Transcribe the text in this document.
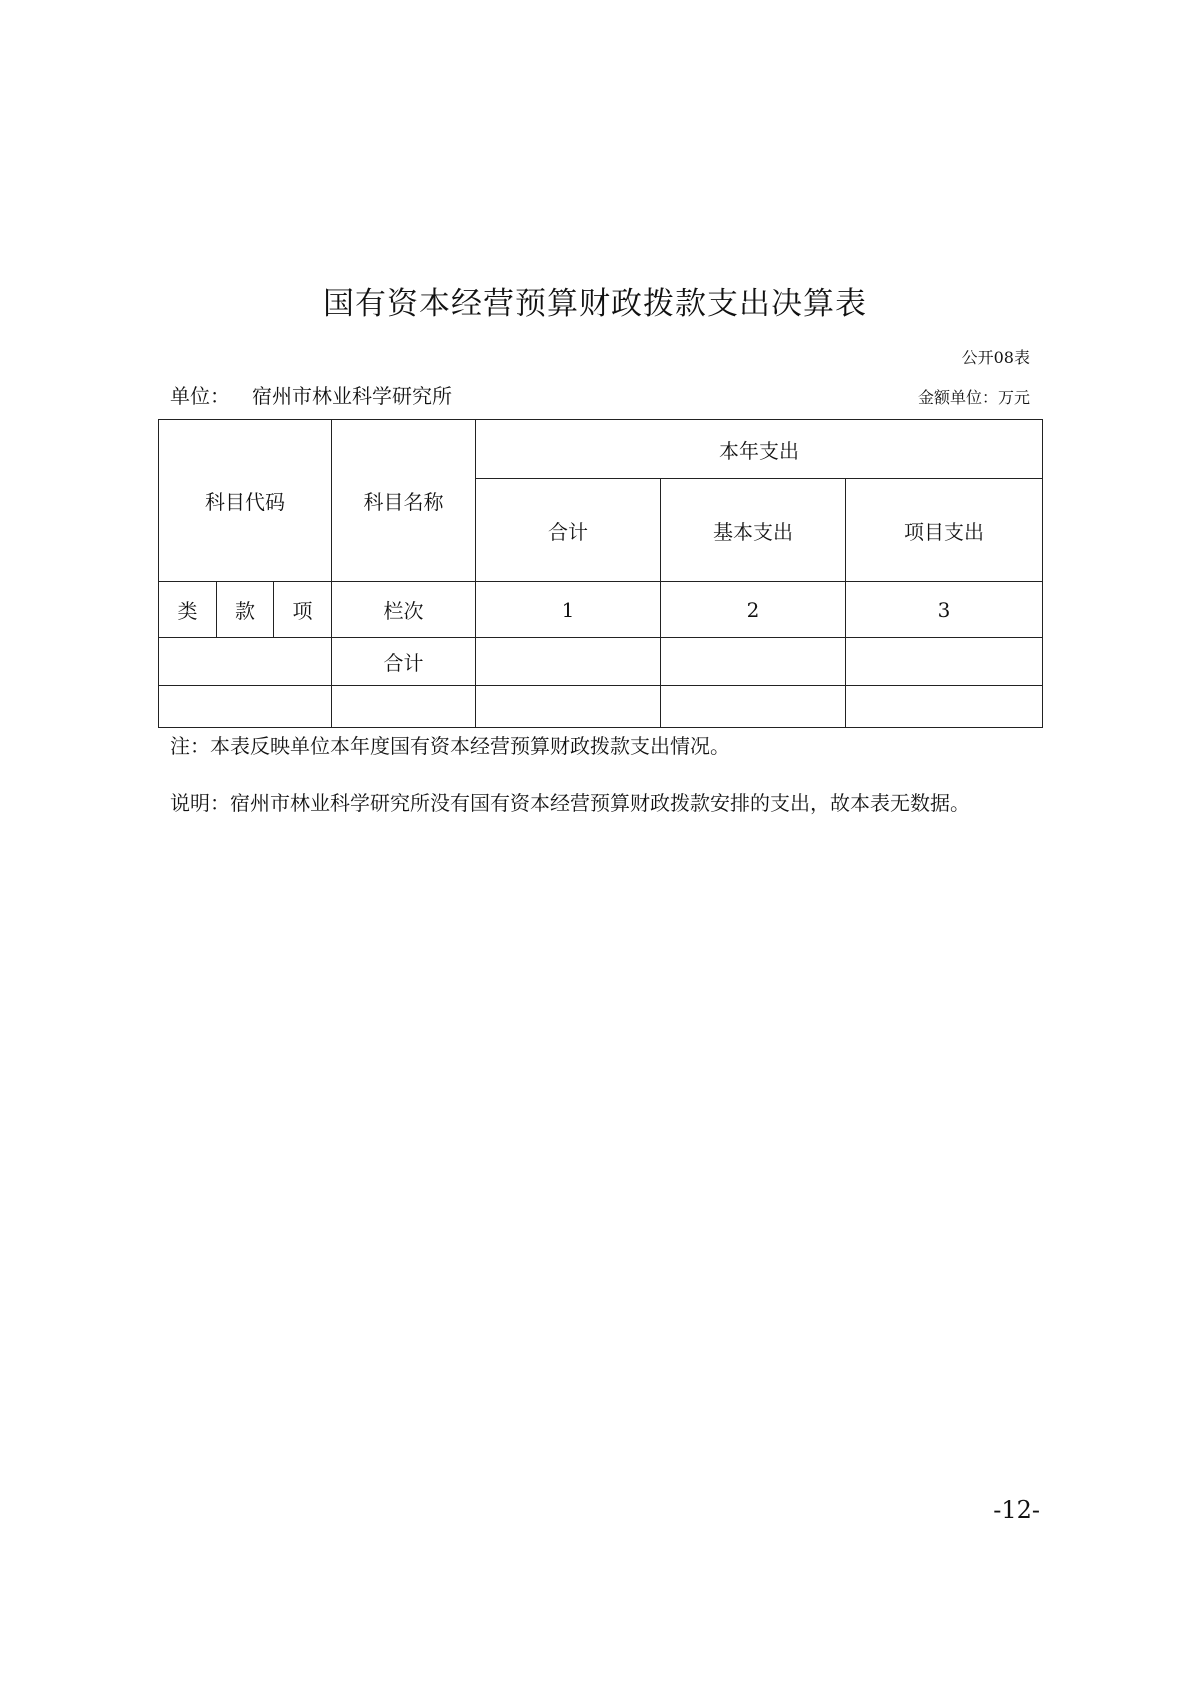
国有资本经营预算财政拨款支出决算表
公开08表
单位： 宿州市林业科学研究所	金额单位：万元
科目代码			科目名称	本年支出		
				合计	基本支出	项目支出
类	款	项	栏次	1	2	3
			合计			

注：本表反映单位本年度国有资本经营预算财政拨款支出情况。
说明：宿州市林业科学研究所没有国有资本经营预算财政拨款安排的支出，故本表无数据。
-12-
